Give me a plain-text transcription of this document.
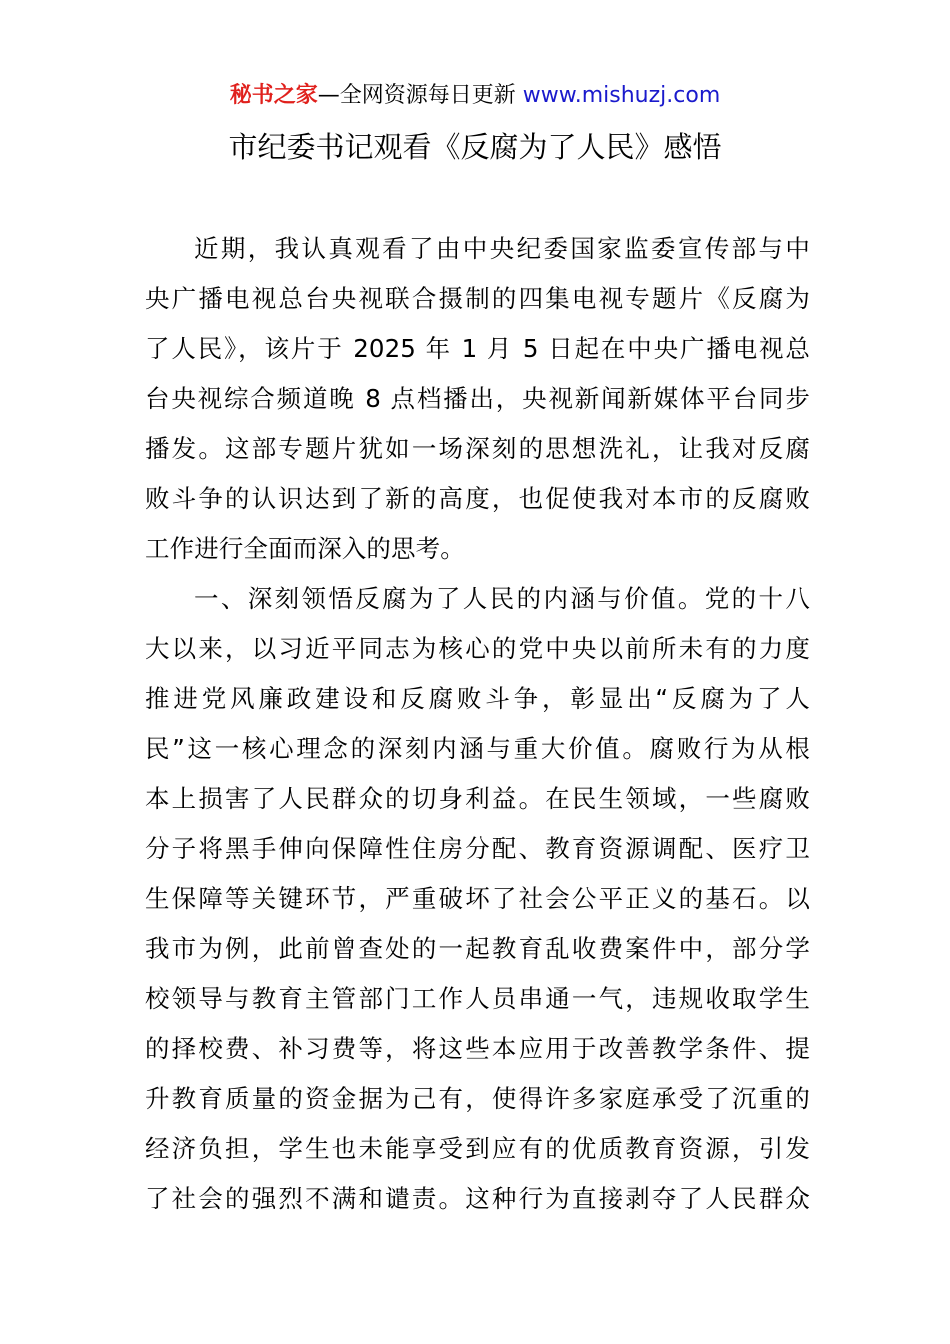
秘书之家—全网资源每日更新 www.mishuzj.com
市纪委书记观看《反腐为了人民》感悟
近期，我认真观看了由中央纪委国家监委宣传部与中
央广播电视总台央视联合摄制的四集电视专题片《反腐为
了人民》，该片于 2025 年 1 月 5 日起在中央广播电视总
台央视综合频道晚 8 点档播出，央视新闻新媒体平台同步
播发。这部专题片犹如一场深刻的思想洗礼，让我对反腐
败斗争的认识达到了新的高度，也促使我对本市的反腐败
工作进行全面而深入的思考。
一、深刻领悟反腐为了人民的内涵与价值。党的十八
大以来，以习近平同志为核心的党中央以前所未有的力度
推进党风廉政建设和反腐败斗争，彰显出“反腐为了人
民”这一核心理念的深刻内涵与重大价值。腐败行为从根
本上损害了人民群众的切身利益。在民生领域，一些腐败
分子将黑手伸向保障性住房分配、教育资源调配、医疗卫
生保障等关键环节，严重破坏了社会公平正义的基石。以
我市为例，此前曾查处的一起教育乱收费案件中，部分学
校领导与教育主管部门工作人员串通一气，违规收取学生
的择校费、补习费等，将这些本应用于改善教学条件、提
升教育质量的资金据为己有，使得许多家庭承受了沉重的
经济负担，学生也未能享受到应有的优质教育资源，引发
了社会的强烈不满和谴责。这种行为直接剥夺了人民群众
